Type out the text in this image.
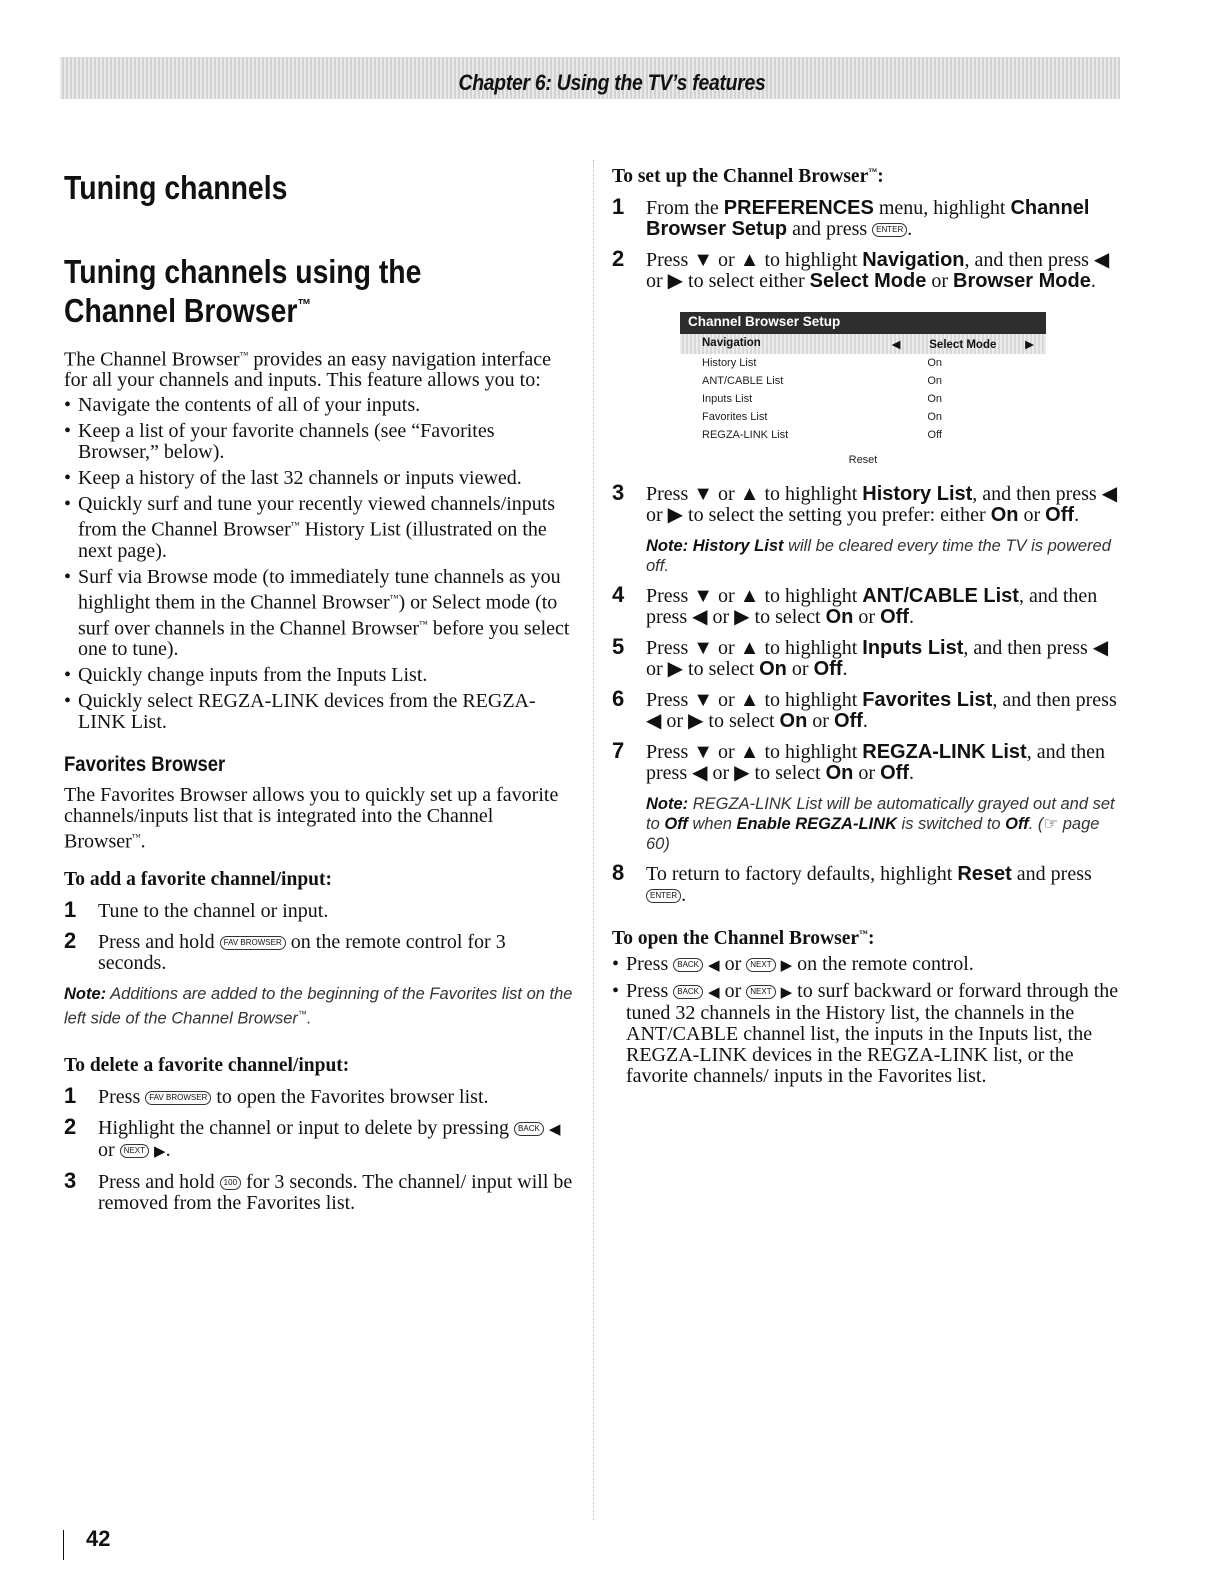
Chapter 6: Using the TV’s features
Tuning channels
Tuning channels using the
Channel Browser™

The Channel Browser™ provides an easy navigation interface for all your channels and inputs. This feature allows you to:

• Navigate the contents of all of your inputs.
• Keep a list of your favorite channels (see “Favorites Browser,” below).
• Keep a history of the last 32 channels or inputs viewed.
• Quickly surf and tune your recently viewed channels/inputs from the Channel Browser™ History List (illustrated on the next page).
• Surf via Browse mode (to immediately tune channels as you highlight them in the Channel Browser™) or Select mode (to surf over channels in the Channel Browser™ before you select one to tune).
• Quickly change inputs from the Inputs List.
• Quickly select REGZA-LINK devices from the REGZA-LINK List.
Favorites Browser

The Favorites Browser allows you to quickly set up a favorite channels/inputs list that is integrated into the Channel Browser™.

To add a favorite channel/input:
1 Tune to the channel or input.
2 Press and hold FAV BROWSER on the remote control for 3 seconds.
Note: Additions are added to the beginning of the Favorites list on the left side of the Channel Browser™.
To delete a favorite channel/input:
1 Press FAV BROWSER to open the Favorites browser list.
2 Highlight the channel or input to delete by pressing BACK ◀ or NEXT ▶.
3 Press and hold 100 for 3 seconds. The channel/ input will be removed from the Favorites list.
To set up the Channel Browser™:
1 From the PREFERENCES menu, highlight Channel Browser Setup and press ENTER .
2 Press ▼ or ▲ to highlight Navigation, and then press ◀ or ▶ to select either Select Mode or Browser Mode.
Channel Browser Setup
Navigation	◀	Select Mode	▶
History List	On
ANT/CABLE List	On
Inputs List	On
Favorites List	On
REGZA-LINK List	Off
Reset
3 Press ▼ or ▲ to highlight History List, and then press ◀ or ▶ to select the setting you prefer: either On or Off.
Note: History List will be cleared every time the TV is powered off.
4 Press ▼ or ▲ to highlight ANT/CABLE List, and then press ◀ or ▶ to select On or Off.
5 Press ▼ or ▲ to highlight Inputs List, and then press ◀ or ▶ to select On or Off.
6 Press ▼ or ▲ to highlight Favorites List, and then press ◀ or ▶ to select On or Off.
7 Press ▼ or ▲ to highlight REGZA-LINK List, and then press ◀ or ▶ to select On or Off.
Note: REGZA-LINK List will be automatically grayed out and set to Off when Enable REGZA-LINK is switched to Off. (☞ page 60)
8 To return to factory defaults, highlight Reset and press ENTER .
To open the Channel Browser™:
• Press BACK ◀ or NEXT ▶ on the remote control.
• Press BACK ◀ or NEXT ▶ to surf backward or forward through the tuned 32 channels in the History list, the channels in the ANT/CABLE channel list, the inputs in the Inputs list, the REGZA-LINK devices in the REGZA-LINK list, or the favorite channels/ inputs in the Favorites list.
42
